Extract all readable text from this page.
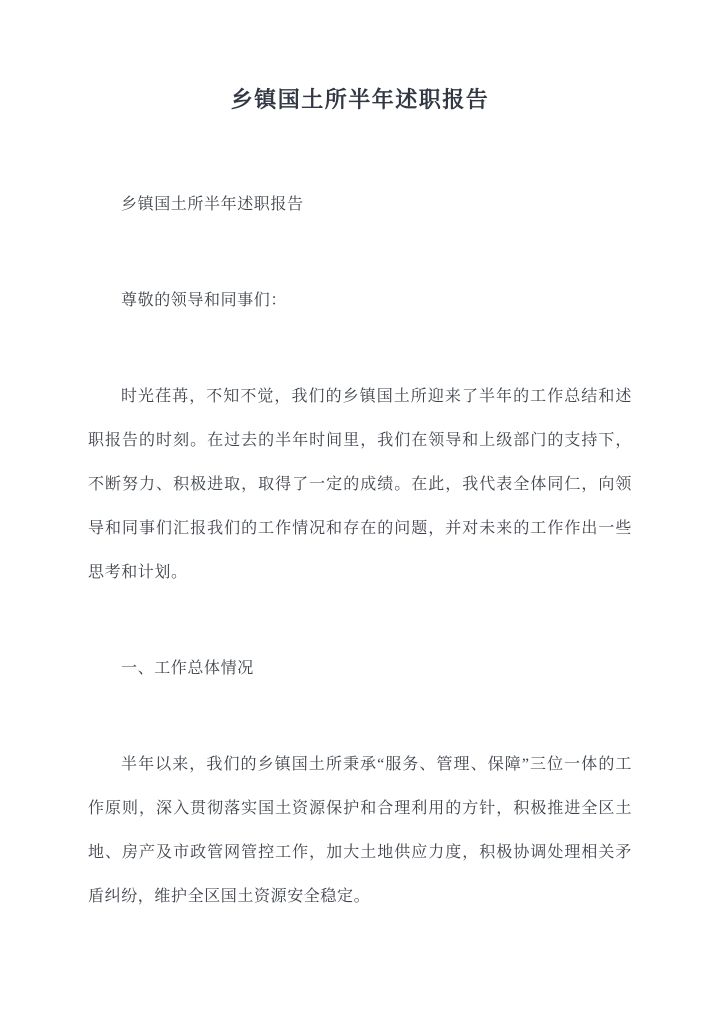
乡镇国土所半年述职报告

乡镇国土所半年述职报告

尊敬的领导和同事们：

时光荏苒，不知不觉，我们的乡镇国土所迎来了半年的工作总结和述职报告的时刻。在过去的半年时间里，我们在领导和上级部门的支持下，不断努力、积极进取，取得了一定的成绩。在此，我代表全体同仁，向领导和同事们汇报我们的工作情况和存在的问题，并对未来的工作作出一些思考和计划。

一、工作总体情况

半年以来，我们的乡镇国土所秉承“服务、管理、保障”三位一体的工作原则，深入贯彻落实国土资源保护和合理利用的方针，积极推进全区土地、房产及市政管网管控工作，加大土地供应力度，积极协调处理相关矛盾纠纷，维护全区国土资源安全稳定。
